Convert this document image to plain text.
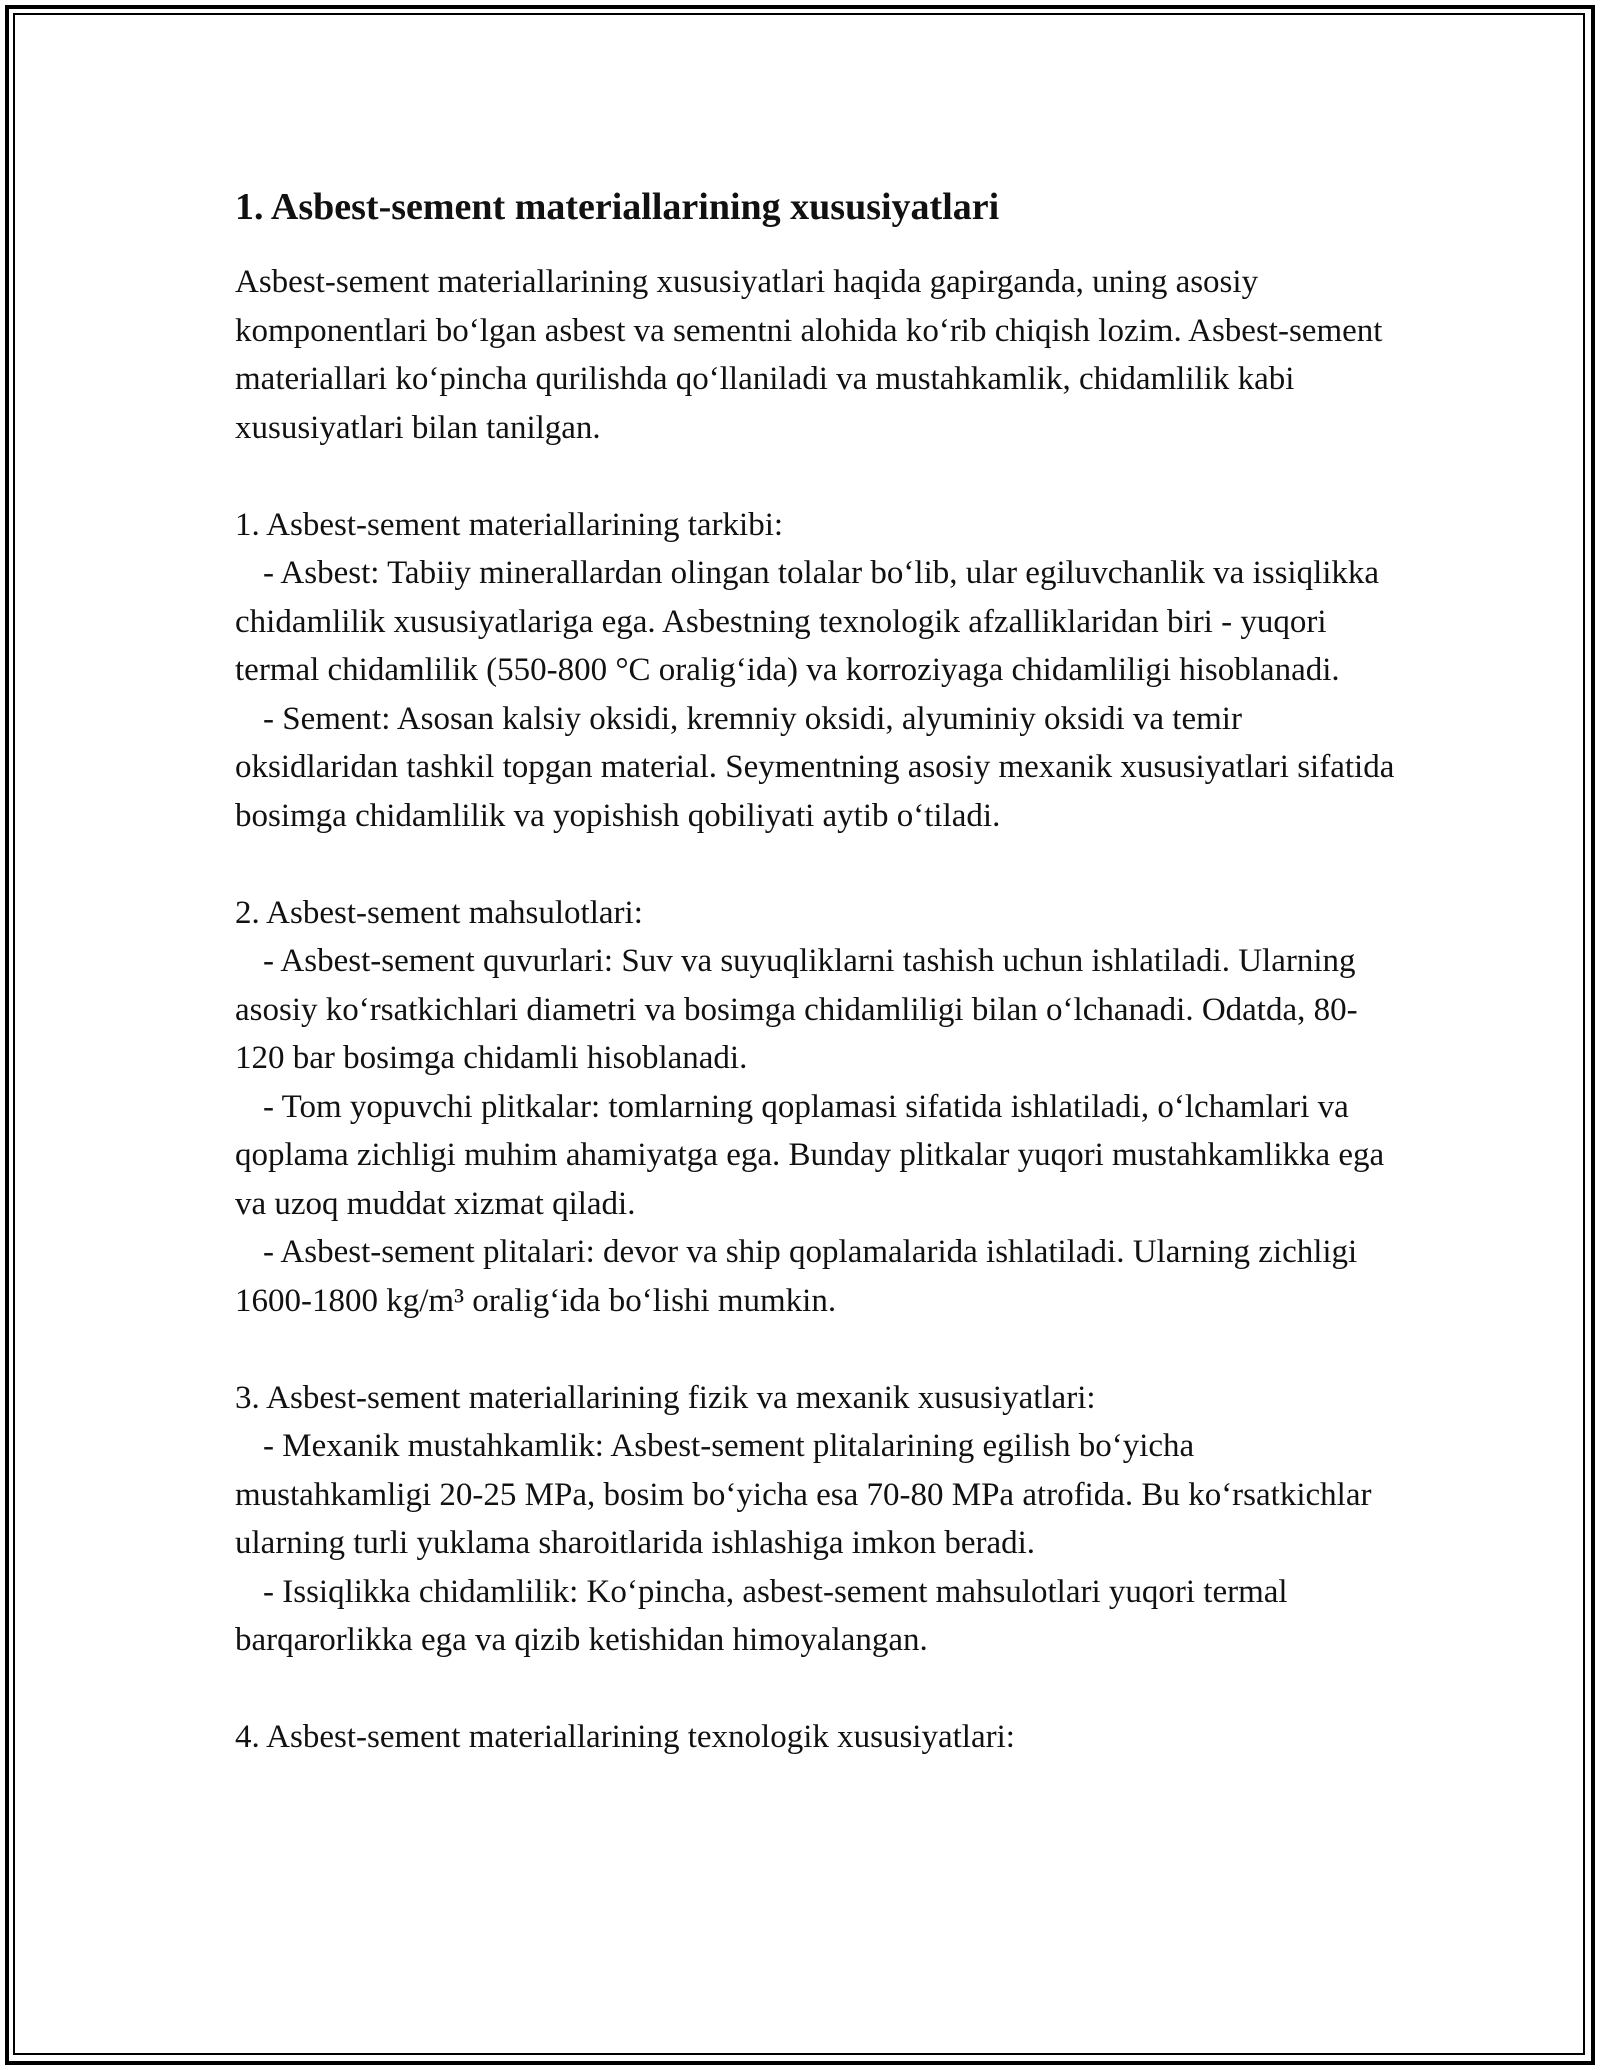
1. Asbest-sement materiallarining xususiyatlari

Asbest-sement materiallarining xususiyatlari haqida gapirganda, uning asosiy komponentlari bo‘lgan asbest va sementni alohida ko‘rib chiqish lozim. Asbest-sement materiallari ko‘pincha qurilishda qo‘llaniladi va mustahkamlik, chidamlilik kabi xususiyatlari bilan tanilgan.

1. Asbest-sement materiallarining tarkibi:

- Asbest: Tabiiy minerallardan olingan tolalar bo‘lib, ular egiluvchanlik va issiqlikka chidamlilik xususiyatlariga ega. Asbestning texnologik afzalliklaridan biri - yuqori termal chidamlilik (550-800 °C oralig‘ida) va korroziyaga chidamliligi hisoblanadi.

- Sement: Asosan kalsiy oksidi, kremniy oksidi, alyuminiy oksidi va temir oksidlaridan tashkil topgan material. Seymentning asosiy mexanik xususiyatlari sifatida bosimga chidamlilik va yopishish qobiliyati aytib o‘tiladi.

2. Asbest-sement mahsulotlari:

- Asbest-sement quvurlari: Suv va suyuqliklarni tashish uchun ishlatiladi. Ularning asosiy ko‘rsatkichlari diametri va bosimga chidamliligi bilan o‘lchanadi. Odatda, 80-120 bar bosimga chidamli hisoblanadi.

- Tom yopuvchi plitkalar: tomlarning qoplamasi sifatida ishlatiladi, o‘lchamlari va qoplama zichligi muhim ahamiyatga ega. Bunday plitkalar yuqori mustahkamlikka ega va uzoq muddat xizmat qiladi.

- Asbest-sement plitalari: devor va ship qoplamalarida ishlatiladi. Ularning zichligi 1600-1800 kg/m³ oralig‘ida bo‘lishi mumkin.

3. Asbest-sement materiallarining fizik va mexanik xususiyatlari:

- Mexanik mustahkamlik: Asbest-sement plitalarining egilish bo‘yicha mustahkamligi 20-25 MPa, bosim bo‘yicha esa 70-80 MPa atrofida. Bu ko‘rsatkichlar ularning turli yuklama sharoitlarida ishlashiga imkon beradi.

- Issiqlikka chidamlilik: Ko‘pincha, asbest-sement mahsulotlari yuqori termal barqarorlikka ega va qizib ketishidan himoyalangan.

4. Asbest-sement materiallarining texnologik xususiyatlari:
